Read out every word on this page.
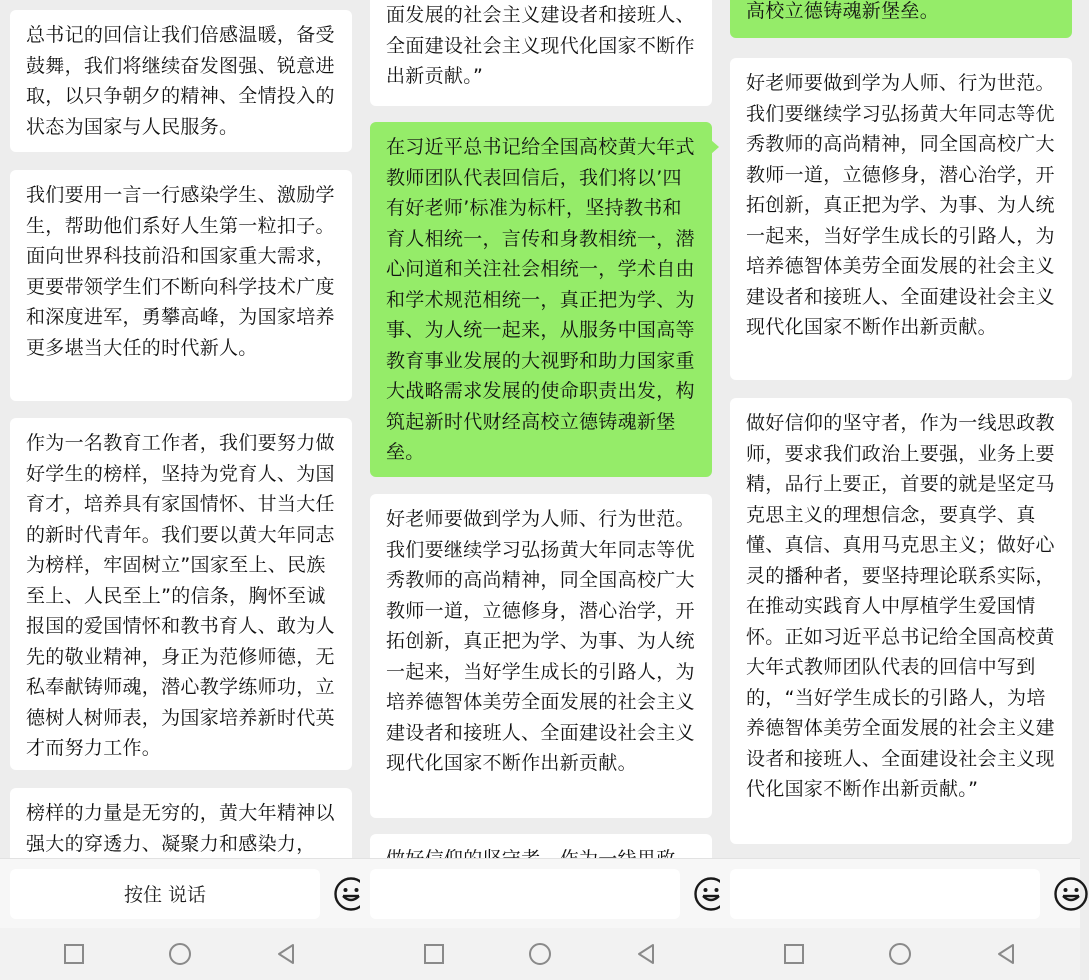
总书记的回信让我们倍感温暖，备受鼓舞，我们将继续奋发图强、锐意进取，以只争朝夕的精神、全情投入的状态为国家与人民服务。
我们要用一言一行感染学生、激励学生，帮助他们系好人生第一粒扣子。面向世界科技前沿和国家重大需求，更要带领学生们不断向科学技术广度和深度进军，勇攀高峰，为国家培养更多堪当大任的时代新人。
作为一名教育工作者，我们要努力做好学生的榜样，坚持为党育人、为国育才，培养具有家国情怀、甘当大任的新时代青年。我们要以黄大年同志为榜样，牢固树立”国家至上、民族至上、人民至上”的信条，胸怀至诚报国的爱国情怀和教书育人、敢为人先的敬业精神，身正为范修师德，无私奉献铸师魂，潜心教学练师功，立德树人树师表，为国家培养新时代英才而努力工作。
榜样的力量是无穷的，黄大年精神以强大的穿透力、凝聚力和感染力，
按住 说话
面发展的社会主义建设者和接班人、全面建设社会主义现代化国家不断作出新贡献。”
在习近平总书记给全国高校黄大年式教师团队代表回信后，我们将以’四有好老师’标准为标杆，坚持教书和育人相统一，言传和身教相统一，潜心问道和关注社会相统一，学术自由和学术规范相统一，真正把为学、为事、为人统一起来，从服务中国高等教育事业发展的大视野和助力国家重大战略需求发展的使命职责出发，构筑起新时代财经高校立德铸魂新堡垒。
好老师要做到学为人师、行为世范。我们要继续学习弘扬黄大年同志等优秀教师的高尚精神，同全国高校广大教师一道，立德修身，潜心治学，开拓创新，真正把为学、为事、为人统一起来，当好学生成长的引路人，为培养德智体美劳全面发展的社会主义建设者和接班人、全面建设社会主义现代化国家不断作出新贡献。
高校立德铸魂新堡垒。
好老师要做到学为人师、行为世范。我们要继续学习弘扬黄大年同志等优秀教师的高尚精神，同全国高校广大教师一道，立德修身，潜心治学，开拓创新，真正把为学、为事、为人统一起来，当好学生成长的引路人，为培养德智体美劳全面发展的社会主义建设者和接班人、全面建设社会主义现代化国家不断作出新贡献。
做好信仰的坚守者，作为一线思政教师，要求我们政治上要强，业务上要精，品行上要正，首要的就是坚定马克思主义的理想信念，要真学、真懂、真信、真用马克思主义；做好心灵的播种者，要坚持理论联系实际，在推动实践育人中厚植学生爱国情怀。正如习近平总书记给全国高校黄大年式教师团队代表的回信中写到的，“当好学生成长的引路人，为培养德智体美劳全面发展的社会主义建设者和接班人、全面建设社会主义现代化国家不断作出新贡献。”
